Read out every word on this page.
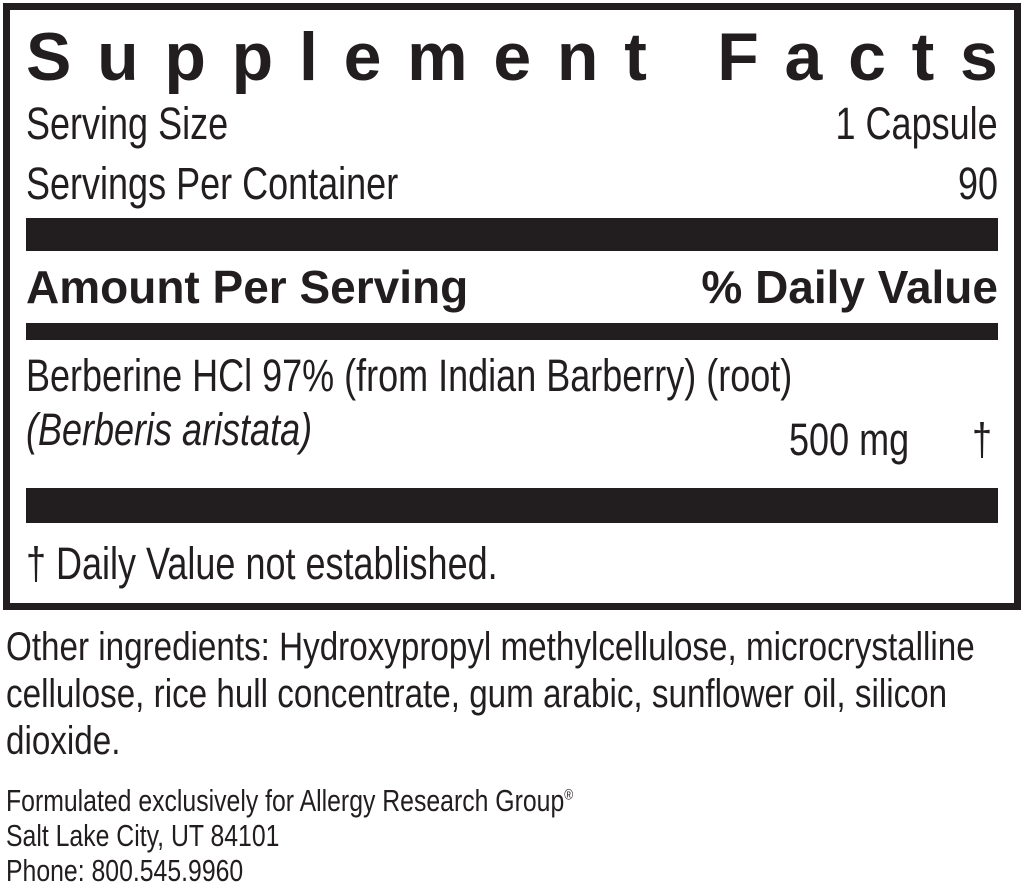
S u p p l e m e n t
F a c t s
Serving Size	1 Capsule
Servings Per Container	90
Amount Per Serving	% Daily Value
Berberine HCl 97% (from Indian Barberry) (root)
(Berberis aristata)	500 mg †
† Daily Value not established.
Other ingredients: Hydroxypropyl methylcellulose, microcrystalline
cellulose, rice hull concentrate, gum arabic, sunflower oil, silicon
dioxide.
Formulated exclusively for Allergy Research Group®
Salt Lake City, UT 84101
Phone: 800.545.9960
